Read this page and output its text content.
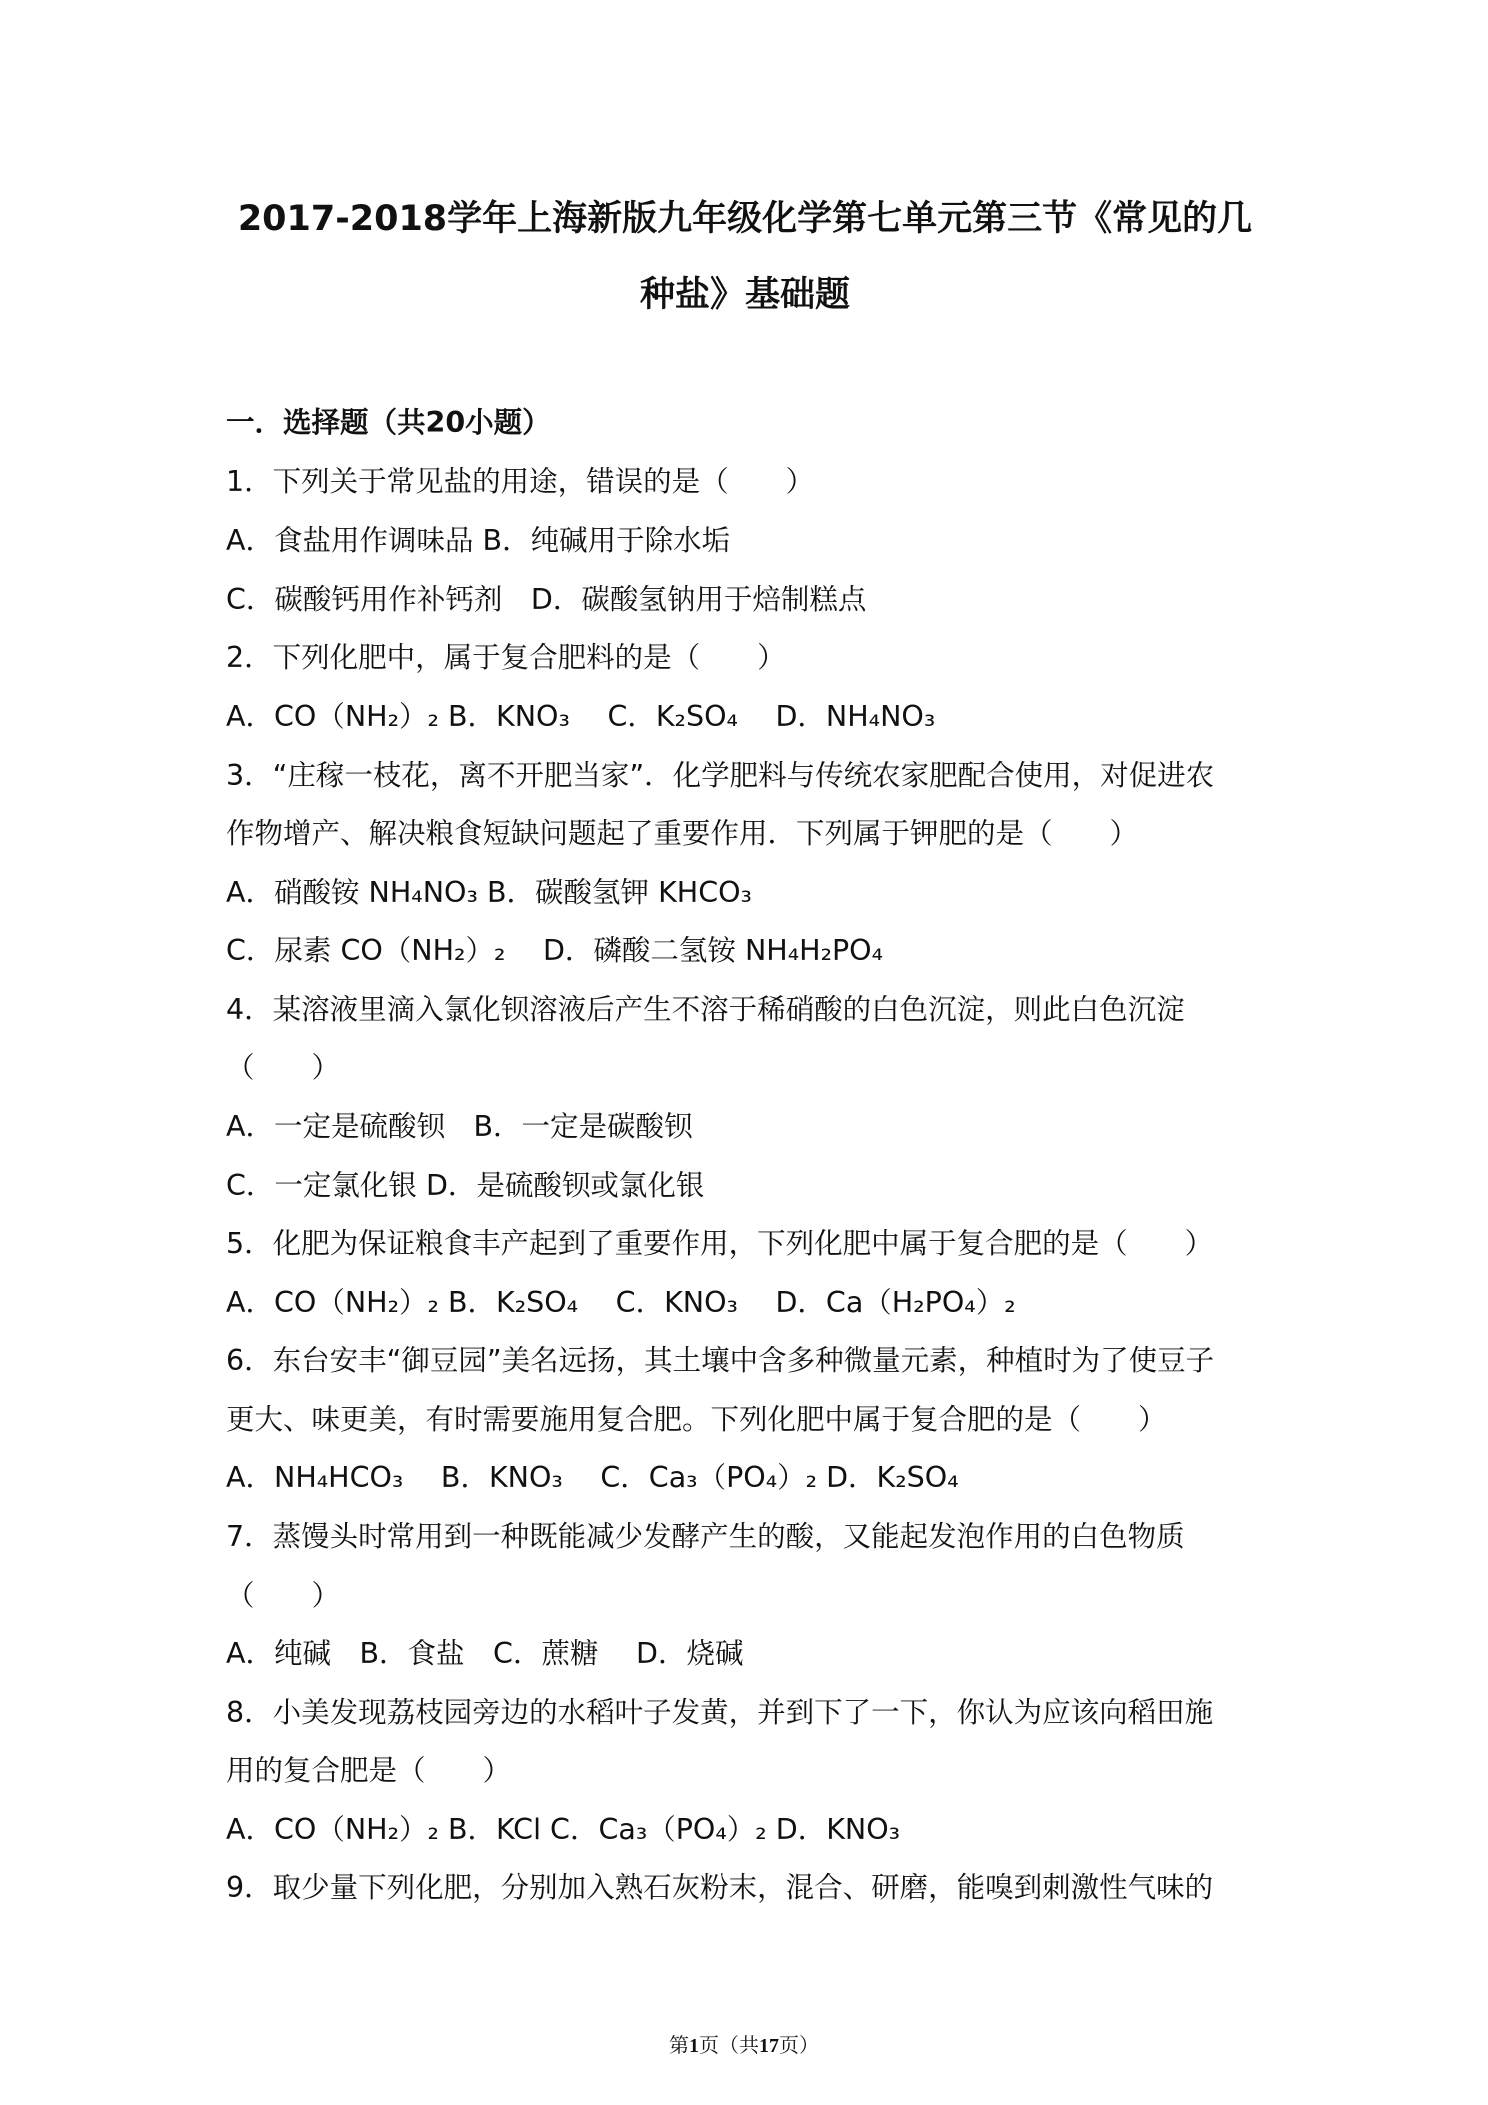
2017-2018学年上海新版九年级化学第七单元第三节《常见的几
种盐》基础题
一．选择题（共20小题）
1．下列关于常见盐的用途，错误的是（　　）
A．食盐用作调味品 B．纯碱用于除水垢
C．碳酸钙用作补钙剂　D．碳酸氢钠用于焙制糕点
2．下列化肥中，属于复合肥料的是（　　）
A．CO（NH₂）₂ B．KNO₃　 C．K₂SO₄　 D．NH₄NO₃
3．“庄稼一枝花，离不开肥当家”．化学肥料与传统农家肥配合使用，对促进农
作物增产、解决粮食短缺问题起了重要作用．下列属于钾肥的是（　　）
A．硝酸铵 NH₄NO₃ B．碳酸氢钾 KHCO₃
C．尿素 CO（NH₂）₂　 D．磷酸二氢铵 NH₄H₂PO₄
4．某溶液里滴入氯化钡溶液后产生不溶于稀硝酸的白色沉淀，则此白色沉淀
（　　）
A．一定是硫酸钡　B．一定是碳酸钡
C．一定氯化银 D．是硫酸钡或氯化银
5．化肥为保证粮食丰产起到了重要作用，下列化肥中属于复合肥的是（　　）
A．CO（NH₂）₂ B．K₂SO₄　 C．KNO₃　 D．Ca（H₂PO₄）₂
6．东台安丰“御豆园”美名远扬，其土壤中含多种微量元素，种植时为了使豆子
更大、味更美，有时需要施用复合肥。下列化肥中属于复合肥的是（　　）
A．NH₄HCO₃　 B．KNO₃　 C．Ca₃（PO₄）₂ D．K₂SO₄
7．蒸馒头时常用到一种既能减少发酵产生的酸，又能起发泡作用的白色物质
（　　）
A．纯碱　B．食盐　C．蔗糖　 D．烧碱
8．小美发现荔枝园旁边的水稻叶子发黄，并到下了一下，你认为应该向稻田施
用的复合肥是（　　）
A．CO（NH₂）₂ B．KCl C．Ca₃（PO₄）₂ D．KNO₃
9．取少量下列化肥，分别加入熟石灰粉末，混合、研磨，能嗅到刺激性气味的
第1页（共17页）
